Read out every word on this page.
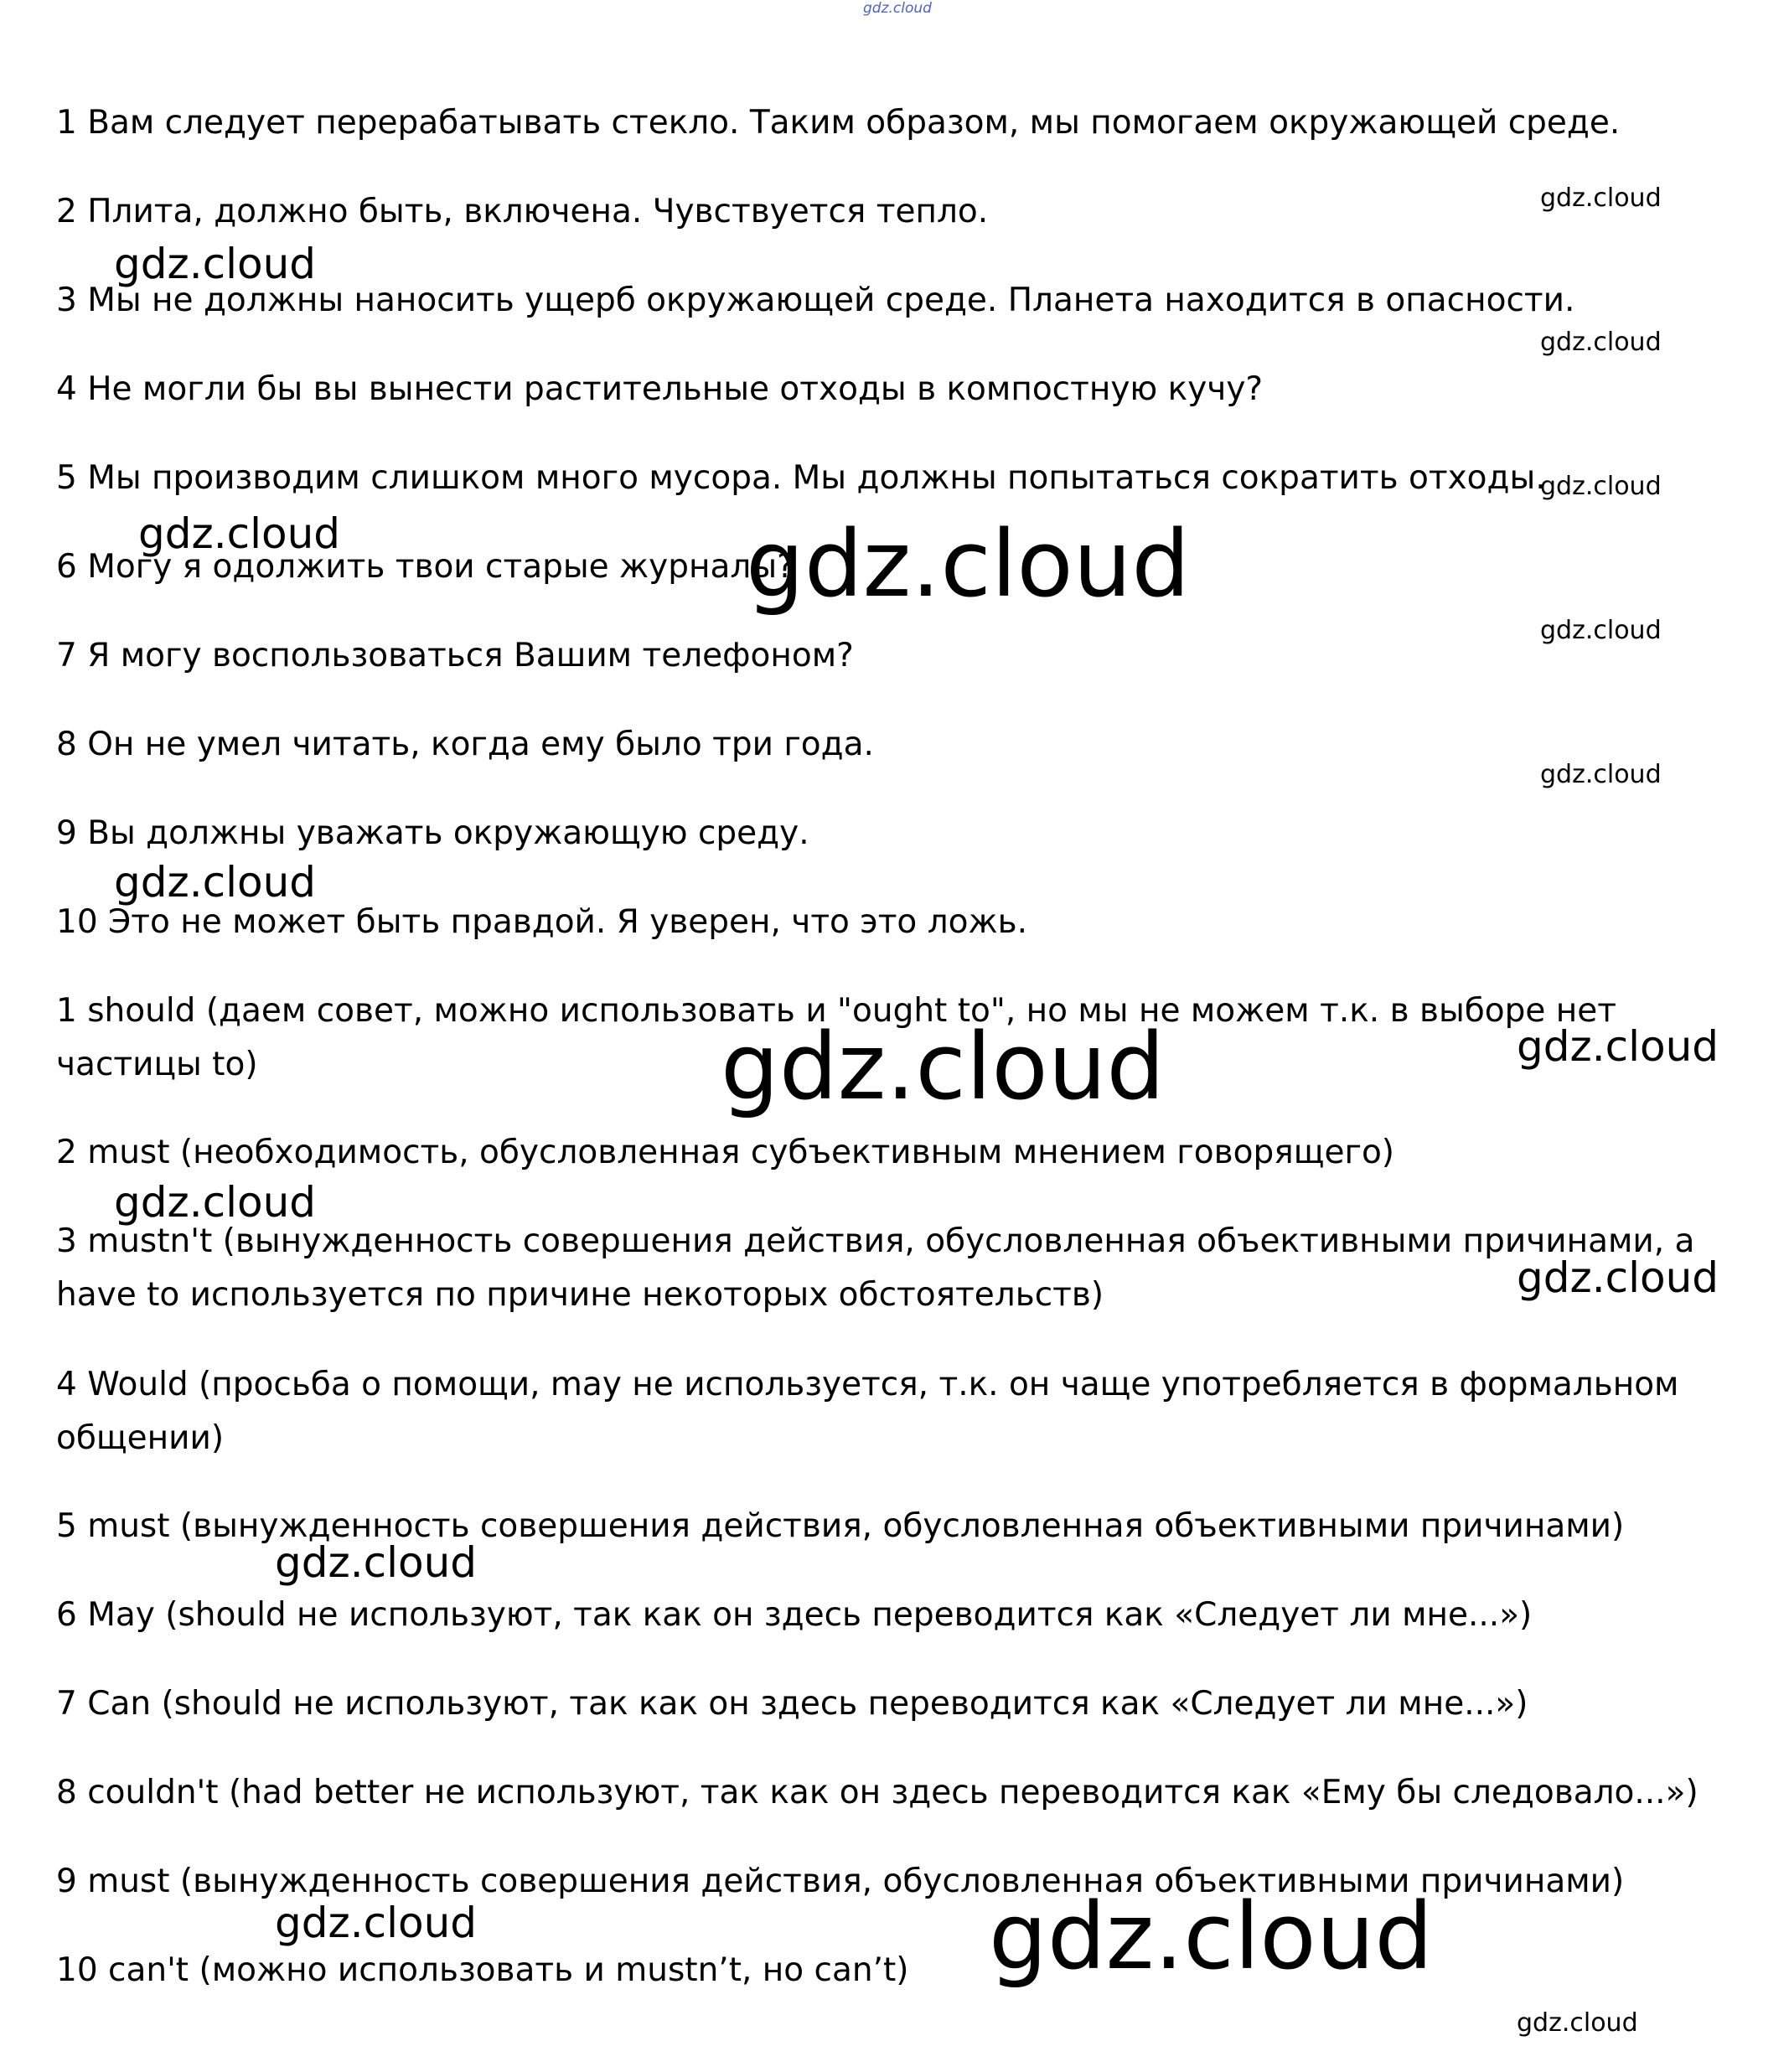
gdz.cloud

1 Вам следует перерабатывать стекло. Таким образом, мы помогаем окружающей среде.

2 Плита, должно быть, включена. Чувствуется тепло.

3 Мы не должны наносить ущерб окружающей среде. Планета находится в опасности.

4 Не могли бы вы вынести растительные отходы в компостную кучу?

5 Мы производим слишком много мусора. Мы должны попытаться сократить отходы.

6 Могу я одолжить твои старые журналы?

7 Я могу воспользоваться Вашим телефоном?

8 Он не умел читать, когда ему было три года.

9 Вы должны уважать окружающую среду.

10 Это не может быть правдой. Я уверен, что это ложь.

1 should (даем совет, можно использовать и "ought to", но мы не можем т.к. в выборе нет частицы to)

2 must (необходимость, обусловленная субъективным мнением говорящего)

3 mustn't (вынужденность совершения действия, обусловленная объективными причинами, а have to используется по причине некоторых обстоятельств)

4 Would (просьба о помощи, may не используется, т.к. он чаще употребляется в формальном общении)

5 must (вынужденность совершения действия, обусловленная объективными причинами)

6 May (should не используют, так как он здесь переводится как «Следует ли мне...»)

7 Can (should не используют, так как он здесь переводится как «Следует ли мне...»)

8 couldn't (had better не используют, так как он здесь переводится как «Ему бы следовало...»)

9 must (вынужденность совершения действия, обусловленная объективными причинами)

10 can't (можно использовать и mustn’t, но can’t)

gdz.cloud
gdz.cloud
gdz.cloud
gdz.cloud
gdz.cloud
gdz.cloud
gdz.cloud
gdz.cloud
gdz.cloud
gdz.cloud
gdz.cloud
gdz.cloud
gdz.cloud
gdz.cloud
gdz.cloud
gdz.cloud
gdz.cloud
